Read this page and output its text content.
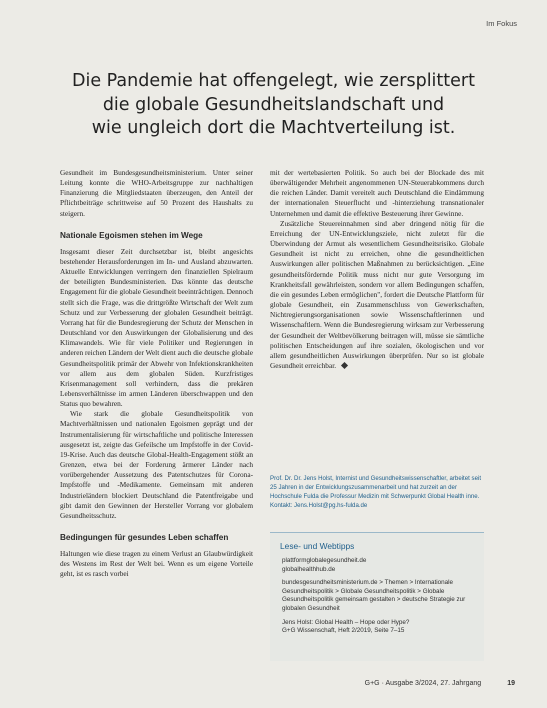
Im Fokus
Die Pandemie hat offengelegt, wie zersplittert
die globale Gesundheitslandschaft und
wie ungleich dort die Machtverteilung ist.

Gesundheit im Bundesgesundheitsministerium. Unter seiner Leitung konnte die WHO-Arbeitsgruppe zur nachhaltigen Finanzierung die Mitgliedstaaten überzeugen, den Anteil der Pflichtbeiträge schrittweise auf 50 Prozent des Haushalts zu steigern.

Nationale Egoismen stehen im Wege

Insgesamt dieser Zeit durchsetzbar ist, bleibt angesichts bestehender Herausforderungen im In- und Ausland abzuwarten. Aktuelle Entwicklungen verringern den finanziellen Spielraum der beteiligten Bundesministerien. Das könnte das deutsche Engagement für die globale Gesundheit beeinträchtigen. Dennoch stellt sich die Frage, was die drittgrößte Wirtschaft der Welt zum Schutz und zur Verbesserung der globalen Gesundheit beiträgt. Vorrang hat für die Bundesregierung der Schutz der Menschen in Deutschland vor den Auswirkungen der Globalisierung und des Klimawandels. Wie für viele Politiker und Regierungen in anderen reichen Ländern der Welt dient auch die deutsche globale Gesundheitspolitik primär der Abwehr von Infektionskrankheiten vor allem aus dem globalen Süden. Kurzfristiges Krisenmanagement soll verhindern, dass die prekären Lebensverhältnisse im armen Länderen überschwappen und den Status quo bewahren.

Wie stark die globale Gesundheitspolitik von Machtverhältnissen und nationalen Egoismen geprägt und der Instrumentalisierung für wirtschaftliche und politische Interessen ausgesetzt ist, zeigte das Gefeilsche um Impfstoffe in der Covid-19-Krise. Auch das deutsche Global-Health-Engagement stößt an Grenzen, etwa bei der Forderung ärmerer Länder nach vorübergehender Aussetzung des Patentschutzes für Corona-Impfstoffe und -Medikamente. Gemeinsam mit anderen Industrieländern blockiert Deutschland die Patentfreigabe und gibt damit den Gewinnen der Hersteller Vorrang vor globalem Gesundheitsschutz.

Bedingungen für gesundes Leben schaffen

Haltungen wie diese tragen zu einem Verlust an Glaubwürdigkeit des Westens im Rest der Welt bei. Wenn es um eigene Vorteile geht, ist es rasch vorbei

mit der wertebasierten Politik. So auch bei der Blockade des mit überwältigender Mehrheit angenommenen UN-Steuerabkommens durch die reichen Länder. Damit vereitelt auch Deutschland die Eindämmung der internationalen Steuerflucht und -hinterziehung transnationaler Unternehmen und damit die effektive Besteuerung ihrer Gewinne.

Zusätzliche Steuereinnahmen sind aber dringend nötig für die Erreichung der UN-Entwicklungsziele, nicht zuletzt für die Überwindung der Armut als wesentlichem Gesundheitsrisiko. Globale Gesundheit ist nicht zu erreichen, ohne die gesundheitlichen Auswirkungen aller politischen Maßnahmen zu berücksichtigen. „Eine gesundheitsfördernde Politik muss nicht nur gute Versorgung im Krankheitsfall gewährleisten, sondern vor allem Bedingungen schaffen, die ein gesundes Leben ermöglichen", fordert die Deutsche Plattform für globale Gesundheit, ein Zusammenschluss von Gewerkschaften, Nichtregierungsorganisationen sowie Wissenschaftlerinnen und Wissenschaftlern. Wenn die Bundesregierung wirksam zur Verbesserung der Gesundheit der Weltbevölkerung beitragen will, müsse sie sämtliche politischen Entscheidungen auf ihre sozialen, ökologischen und vor allem gesundheitlichen Auswirkungen überprüfen. Nur so ist globale Gesundheit erreichbar.

Prof. Dr. Dr. Jens Holst, Internist und Gesundheitswissenschaftler, arbeitet seit 25 Jahren in der Entwicklungszusammenarbeit und hat zurzeit an der Hochschule Fulda die Professur Medizin mit Schwerpunkt Global Health inne.

Kontakt: Jens.Holst@pg.hs-fulda.de

Lese- und Webtipps
plattformglobalegesundheit.de
globalhealthhub.de
bundesgesundheitsministerium.de > Themen > Internationale Gesundheitspolitik > Globale Gesundheitspolitik > Globale Gesundheitspolitik gemeinsam gestalten > deutsche Strategie zur globalen Gesundheit
Jens Holst: Global Health – Hope oder Hype?
G+G Wissenschaft, Heft 2/2019, Seite 7–15
G+G · Ausgabe 3/2024, 27. Jahrgang	19
